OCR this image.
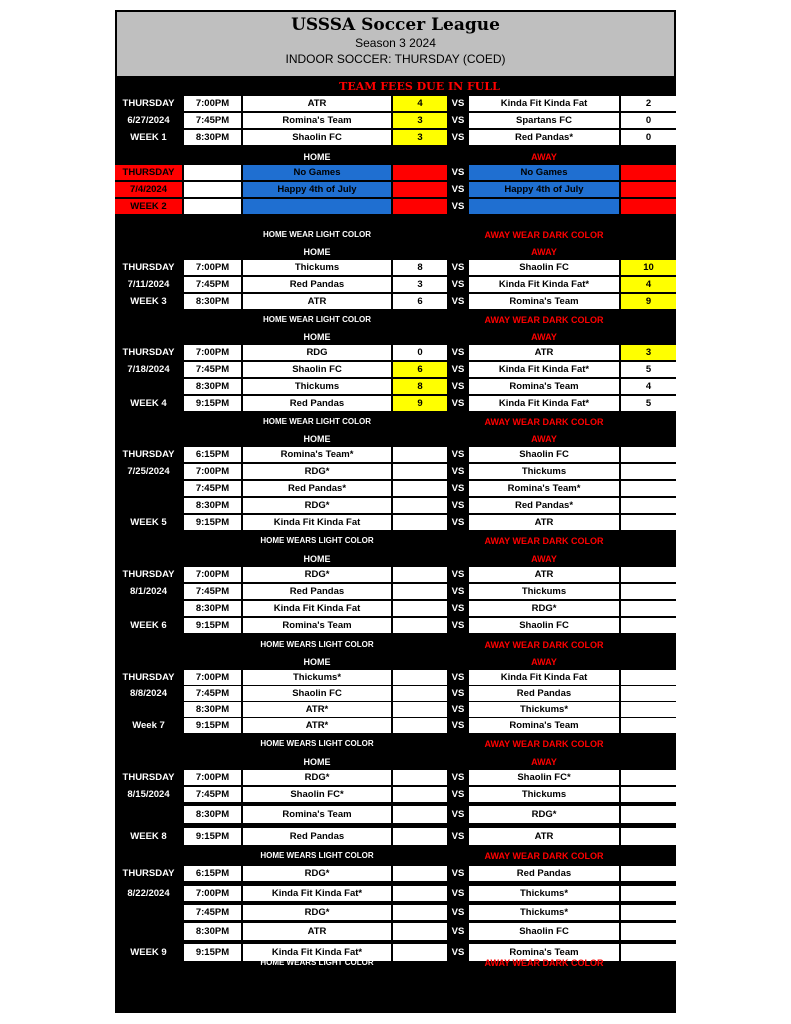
USSSA Soccer League
Season 3 2024
INDOOR SOCCER: THURSDAY (COED)
TEAM FEES DUE IN FULL
THURSDAY	7:00PM	ATR	4	VS	Kinda Fit Kinda Fat	2
6/27/2024	7:45PM	Romina's Team	3	VS	Spartans FC	0
WEEK 1	8:30PM	Shaolin FC	3	VS	Red Pandas*	0
HOME	AWAY
THURSDAY	No Games	VS	No Games
7/4/2024	Happy 4th of July	VS	Happy 4th of July
WEEK 2	VS
HOME WEAR LIGHT COLOR	AWAY WEAR DARK COLOR
HOME	AWAY
THURSDAY	7:00PM	Thickums	8	VS	Shaolin FC	10
7/11/2024	7:45PM	Red Pandas	3	VS	Kinda Fit Kinda Fat*	4
WEEK 3	8:30PM	ATR	6	VS	Romina's Team	9
HOME WEAR LIGHT COLOR	AWAY WEAR DARK COLOR
HOME	AWAY
THURSDAY	7:00PM	RDG	0	VS	ATR	3
7/18/2024	7:45PM	Shaolin FC	6	VS	Kinda Fit Kinda Fat*	5
8:30PM	Thickums	8	VS	Romina's Team	4
WEEK 4	9:15PM	Red Pandas	9	VS	Kinda Fit Kinda Fat*	5
HOME WEAR LIGHT COLOR	AWAY WEAR DARK COLOR
HOME	AWAY
THURSDAY	6:15PM	Romina's Team*	VS	Shaolin FC
7/25/2024	7:00PM	RDG*	VS	Thickums
7:45PM	Red Pandas*	VS	Romina's Team*
8:30PM	RDG*	VS	Red Pandas*
WEEK 5	9:15PM	Kinda Fit Kinda Fat	VS	ATR
HOME WEARS LIGHT COLOR	AWAY WEAR DARK COLOR
HOME	AWAY
THURSDAY	7:00PM	RDG*	VS	ATR
8/1/2024	7:45PM	Red Pandas	VS	Thickums
8:30PM	Kinda Fit Kinda Fat	VS	RDG*
WEEK 6	9:15PM	Romina's Team	VS	Shaolin FC
HOME WEARS LIGHT COLOR	AWAY WEAR DARK COLOR
HOME	AWAY
THURSDAY	7:00PM	Thickums*	VS	Kinda Fit Kinda Fat
8/8/2024	7:45PM	Shaolin FC	VS	Red Pandas
8:30PM	ATR*	VS	Thickums*
Week 7	9:15PM	ATR*	VS	Romina's Team
HOME WEARS LIGHT COLOR	AWAY WEAR DARK COLOR
HOME	AWAY
THURSDAY	7:00PM	RDG*	VS	Shaolin FC*
8/15/2024	7:45PM	Shaolin FC*	VS	Thickums
8:30PM	Romina's Team	VS	RDG*
WEEK 8	9:15PM	Red Pandas	VS	ATR
HOME WEARS LIGHT COLOR	AWAY WEAR DARK COLOR
THURSDAY	6:15PM	RDG*	VS	Red Pandas
8/22/2024	7:00PM	Kinda Fit Kinda Fat*	VS	Thickums*
7:45PM	RDG*	VS	Thickums*
8:30PM	ATR	VS	Shaolin FC
WEEK 9	9:15PM	Kinda Fit Kinda Fat*	VS	Romina's Team
HOME WEARS LIGHT COLOR	AWAY WEAR DARK COLOR
